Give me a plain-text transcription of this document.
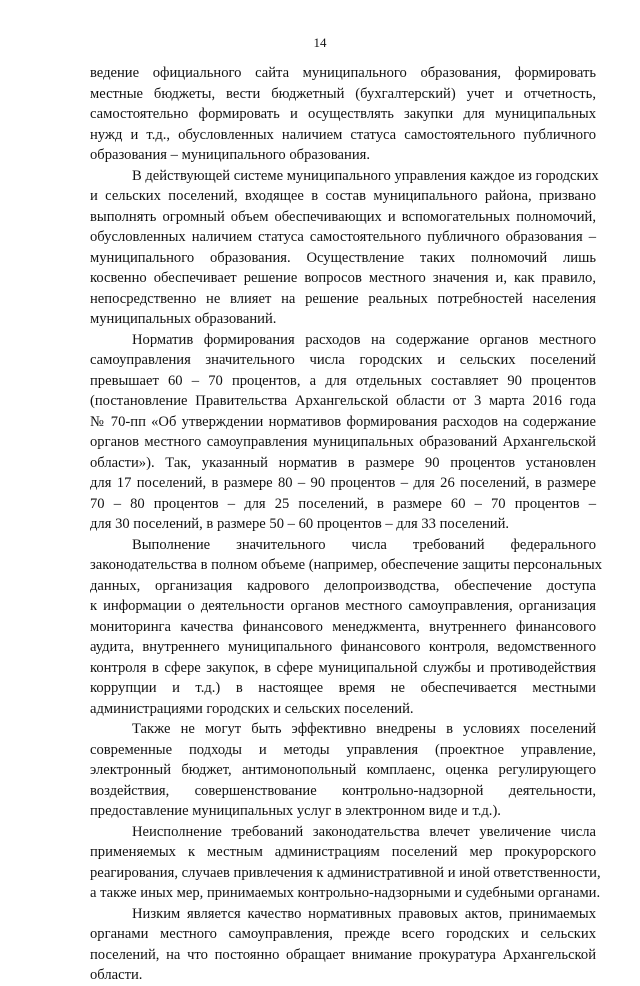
14
ведение официального сайта муниципального образования, формировать
местные бюджеты, вести бюджетный (бухгалтерский) учет и отчетность,
самостоятельно формировать и осуществлять закупки для муниципальных
нужд и т.д., обусловленных наличием статуса самостоятельного публичного
образования – муниципального образования.
В действующей системе муниципального управления каждое из городских
и сельских поселений, входящее в состав муниципального района, призвано
выполнять огромный объем обеспечивающих и вспомогательных полномочий,
обусловленных наличием статуса самостоятельного публичного образования –
муниципального образования. Осуществление таких полномочий лишь
косвенно обеспечивает решение вопросов местного значения и, как правило,
непосредственно не влияет на решение реальных потребностей населения
муниципальных образований.
Норматив формирования расходов на содержание органов местного
самоуправления значительного числа городских и сельских поселений
превышает 60 – 70 процентов, а для отдельных составляет 90 процентов
(постановление Правительства Архангельской области от 3 марта 2016 года
№ 70-пп «Об утверждении нормативов формирования расходов на содержание
органов местного самоуправления муниципальных образований Архангельской
области»). Так, указанный норматив в размере 90 процентов установлен
для 17 поселений, в размере 80 – 90 процентов – для 26 поселений, в размере
70 – 80 процентов – для 25 поселений, в размере 60 – 70 процентов –
для 30 поселений, в размере 50 – 60 процентов – для 33 поселений.
Выполнение значительного числа требований федерального
законодательства в полном объеме (например, обеспечение защиты персональных
данных, организация кадрового делопроизводства, обеспечение доступа
к информации о деятельности органов местного самоуправления, организация
мониторинга качества финансового менеджмента, внутреннего финансового
аудита, внутреннего муниципального финансового контроля, ведомственного
контроля в сфере закупок, в сфере муниципальной службы и противодействия
коррупции и т.д.) в настоящее время не обеспечивается местными
администрациями городских и сельских поселений.
Также не могут быть эффективно внедрены в условиях поселений
современные подходы и методы управления (проектное управление,
электронный бюджет, антимонопольный комплаенс, оценка регулирующего
воздействия, совершенствование контрольно-надзорной деятельности,
предоставление муниципальных услуг в электронном виде и т.д.).
Неисполнение требований законодательства влечет увеличение числа
применяемых к местным администрациям поселений мер прокурорского
реагирования, случаев привлечения к административной и иной ответственности,
а также иных мер, принимаемых контрольно-надзорными и судебными органами.
Низким является качество нормативных правовых актов, принимаемых
органами местного самоуправления, прежде всего городских и сельских
поселений, на что постоянно обращает внимание прокуратура Архангельской
области.
